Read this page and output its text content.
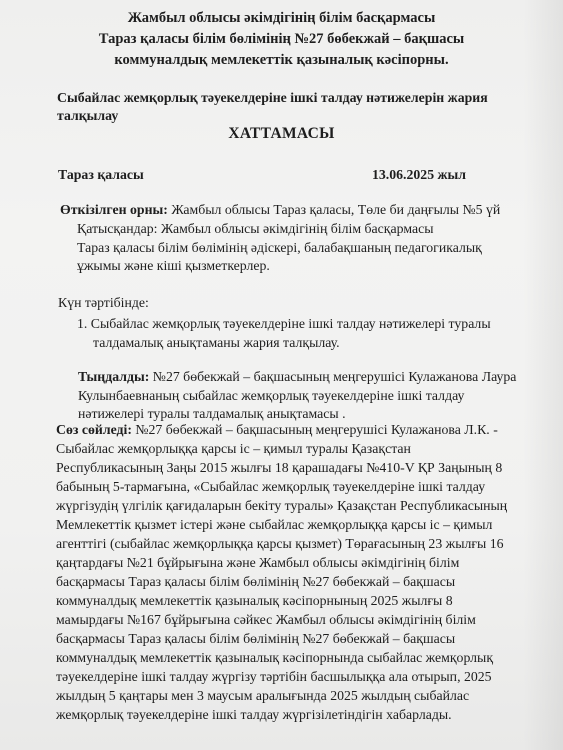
Жамбыл облысы әкімдігінің білім басқармасы
Тараз қаласы білім бөлімінің №27 бөбекжай – бақшасы
коммуналдық мемлекеттік қазыналық кәсіпорны.
Сыбайлас жемқорлық тәуекелдеріне ішкі талдау нәтижелерін жария
талқылау
ХАТТАМАСЫ
Тараз қаласы	13.06.2025 жыл
Өткізілген орны: Жамбыл облысы Тараз қаласы, Төле би даңғылы №5 үй
Қатысқандар: Жамбыл облысы әкімдігінің білім басқармасы
Тараз қаласы білім бөлімінің әдіскері, балабақшаның педагогикалық
ұжымы және кіші қызметкерлер.
Күн тәртібінде:
1. Сыбайлас жемқорлық тәуекелдеріне ішкі талдау нәтижелері туралы
талдамалық анықтаманы жария талқылау.
Тыңдалды: №27 бөбекжай – бақшасының меңгерушісі Кулажанова Лаура
Кулынбаевнаның сыбайлас жемқорлық тәуекелдеріне ішкі талдау
нәтижелері туралы талдамалық анықтамасы .
Сөз сөйледі: №27 бөбекжай – бақшасының меңгерушісі Кулажанова Л.К. -
Сыбайлас жемқорлыққа қарсы іс – қимыл туралы Қазақстан
Республикасының Заңы 2015 жылғы 18 қарашадағы №410-V ҚР Заңының 8
бабының 5-тармағына, «Сыбайлас жемқорлық тәуекелдеріне ішкі талдау
жүргізудің үлгілік қағидаларын бекіту туралы» Қазақстан Республикасының
Мемлекеттік қызмет істері және сыбайлас жемқорлыққа қарсы іс – қимыл
агенттігі (сыбайлас жемқорлыққа қарсы қызмет) Төрағасының 23 жылғы 16
қаңтардағы №21 бұйрығына және Жамбыл облысы әкімдігінің білім
басқармасы Тараз қаласы білім бөлімінің №27 бөбекжай – бақшасы
коммуналдық мемлекеттік қазыналық кәсіпорнының 2025 жылғы 8
мамырдағы №167 бұйрығына сәйкес Жамбыл облысы әкімдігінің білім
басқармасы Тараз қаласы білім бөлімінің №27 бөбекжай – бақшасы
коммуналдық мемлекеттік қазыналық кәсіпорнында сыбайлас жемқорлық
тәуекелдеріне ішкі талдау жүргізу тәртібін басшылыққа ала отырып, 2025
жылдың 5 қаңтары мен 3 маусым аралығында 2025 жылдың сыбайлас
жемқорлық тәуекелдеріне ішкі талдау жүргізілетіндігін хабарлады.
